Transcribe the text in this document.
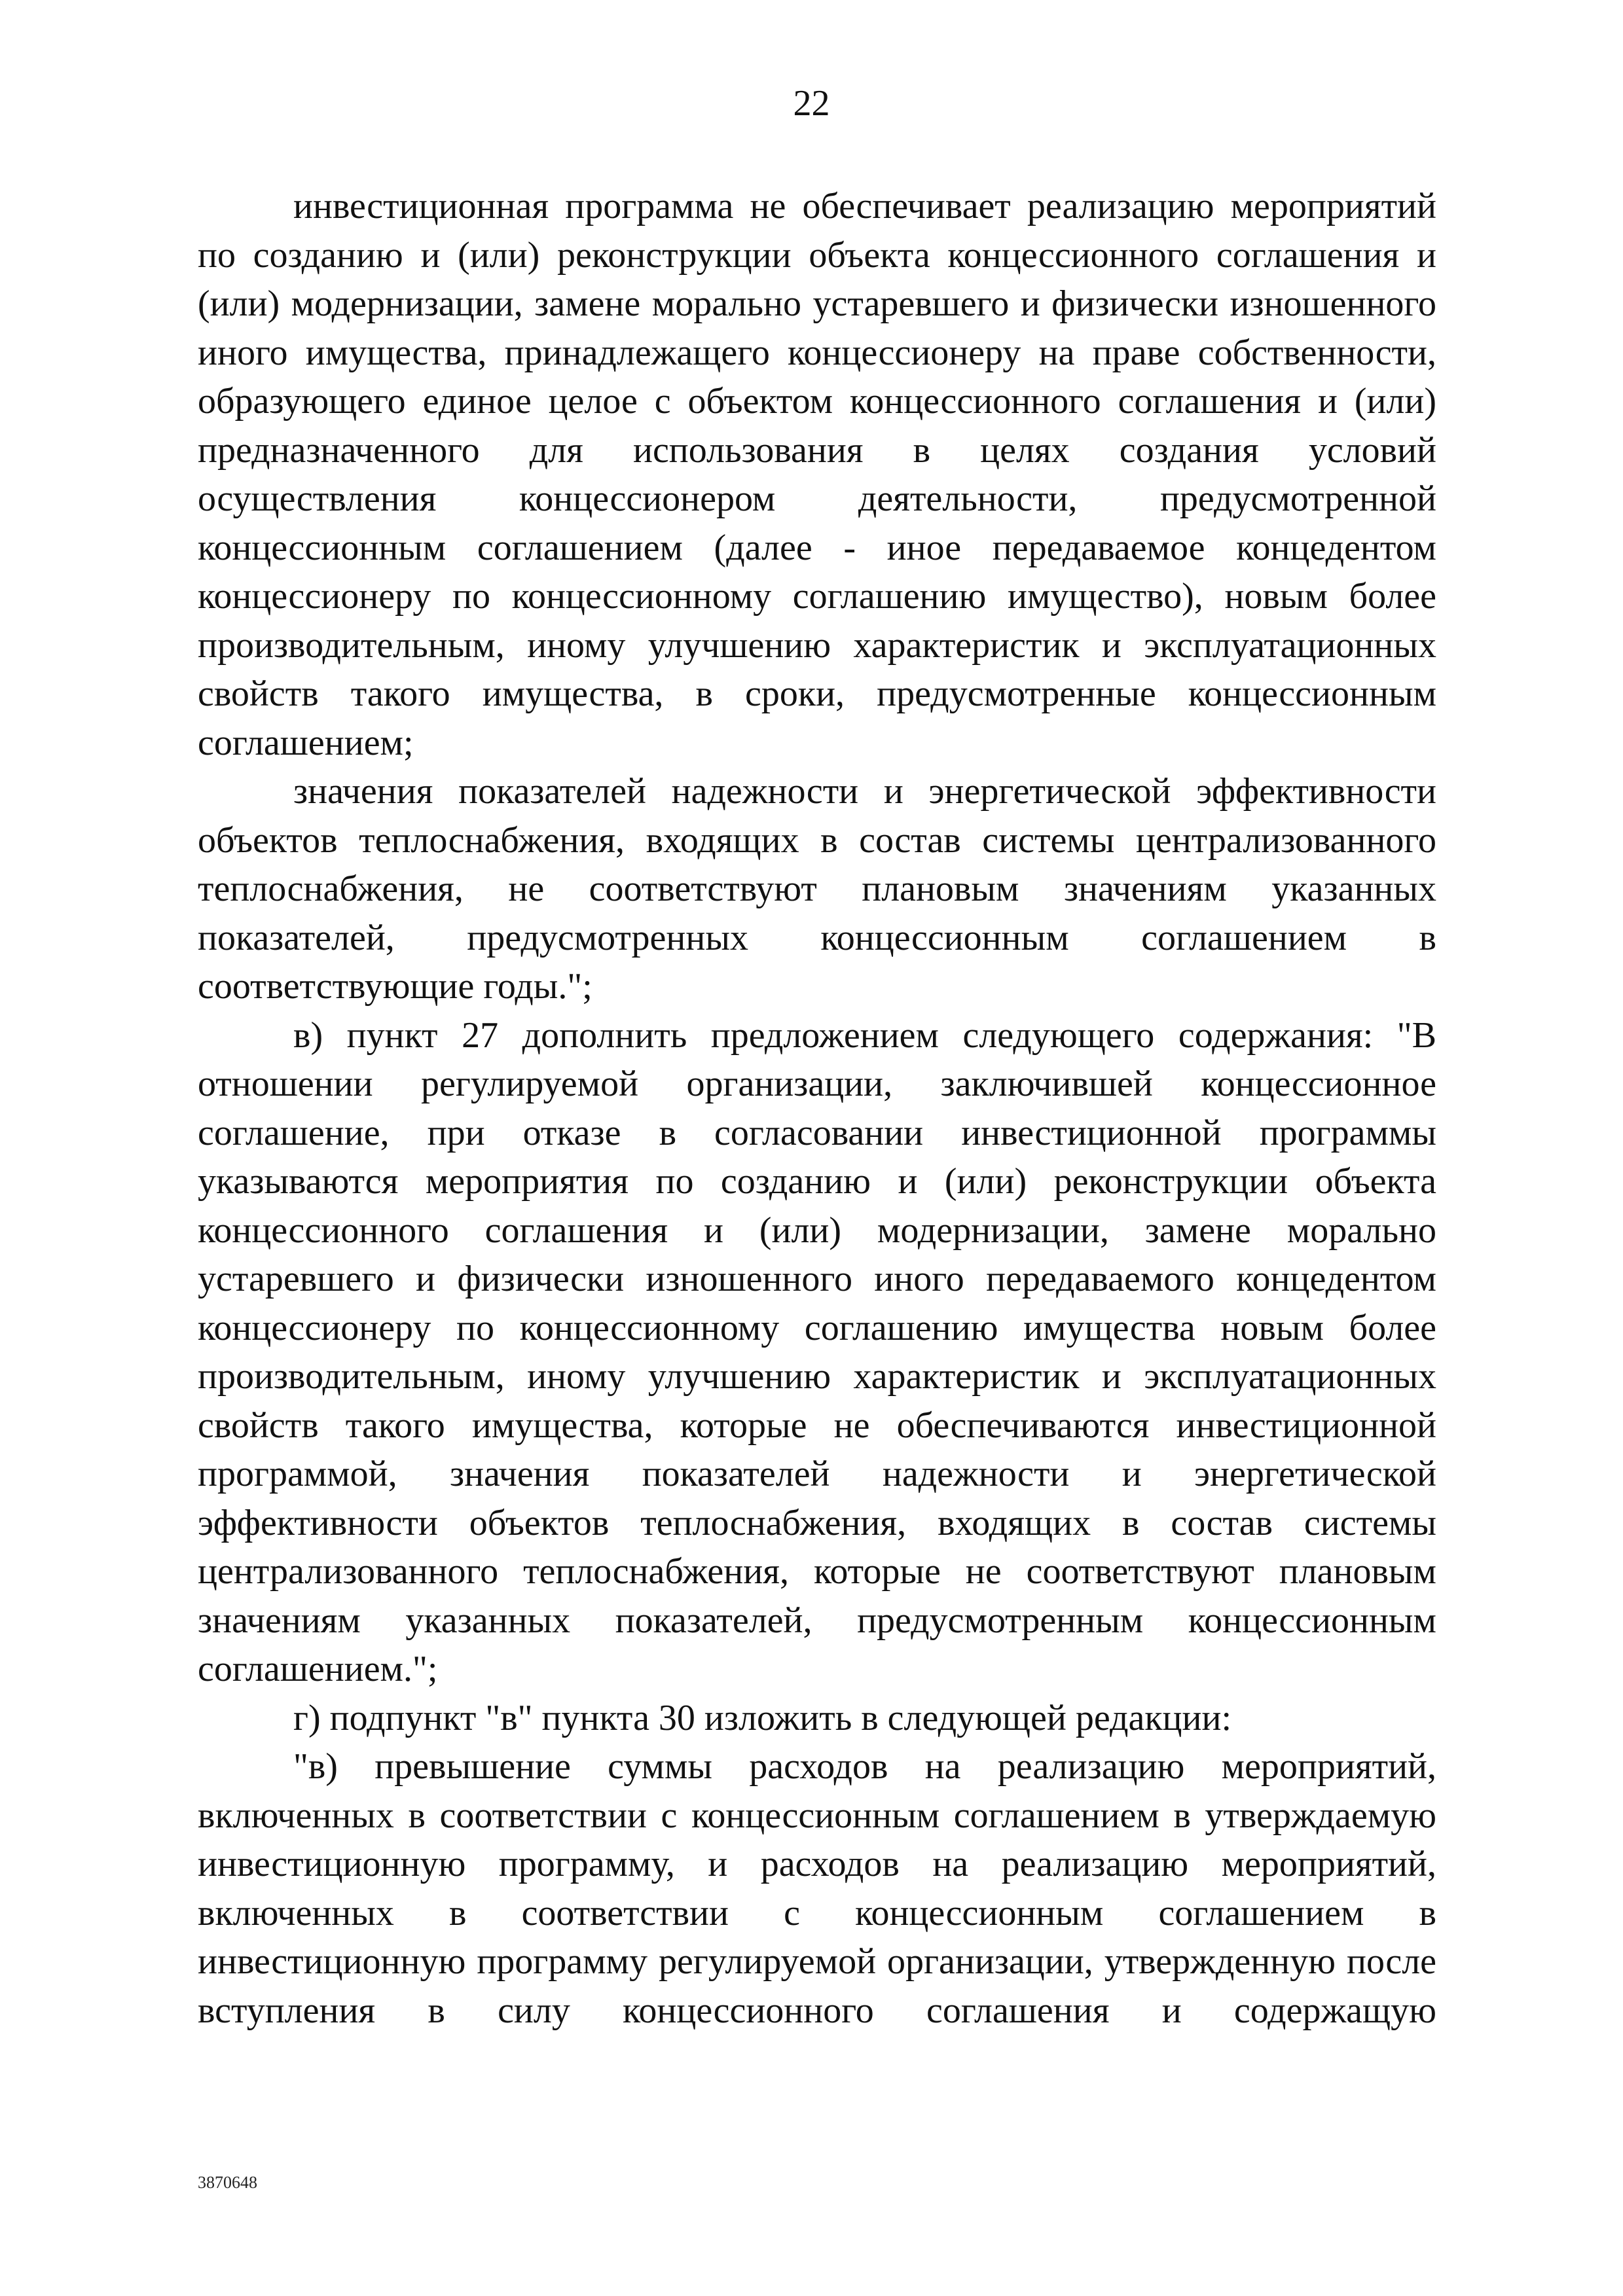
22

инвестиционная программа не обеспечивает реализацию мероприятий по созданию и (или) реконструкции объекта концессионного соглашения и (или) модернизации, замене морально устаревшего и физически изношенного иного имущества, принадлежащего концессионеру на праве собственности, образующего единое целое с объектом концессионного соглашения и (или) предназначенного для использования в целях создания условий осуществления концессионером деятельности, предусмотренной концессионным соглашением (далее - иное передаваемое концедентом концессионеру по концессионному соглашению имущество), новым более производительным, иному улучшению характеристик и эксплуатационных свойств такого имущества, в сроки, предусмотренные концессионным соглашением;

значения показателей надежности и энергетической эффективности объектов теплоснабжения, входящих в состав системы централизованного теплоснабжения, не соответствуют плановым значениям указанных показателей, предусмотренных концессионным соглашением в соответствующие годы.";

в) пункт 27 дополнить предложением следующего содержания: "В отношении регулируемой организации, заключившей концессионное соглашение, при отказе в согласовании инвестиционной программы указываются мероприятия по созданию и (или) реконструкции объекта концессионного соглашения и (или) модернизации, замене морально устаревшего и физически изношенного иного передаваемого концедентом концессионеру по концессионному соглашению имущества новым более производительным, иному улучшению характеристик и эксплуатационных свойств такого имущества, которые не обеспечиваются инвестиционной программой, значения показателей надежности и энергетической эффективности объектов теплоснабжения, входящих в состав системы централизованного теплоснабжения, которые не соответствуют плановым значениям указанных показателей, предусмотренным концессионным соглашением.";

г) подпункт "в" пункта 30 изложить в следующей редакции:

"в) превышение суммы расходов на реализацию мероприятий, включенных в соответствии с концессионным соглашением в утверждаемую инвестиционную программу, и расходов на реализацию мероприятий, включенных в соответствии с концессионным соглашением в инвестиционную программу регулируемой организации, утвержденную после вступления в силу концессионного соглашения и содержащую

3870648
